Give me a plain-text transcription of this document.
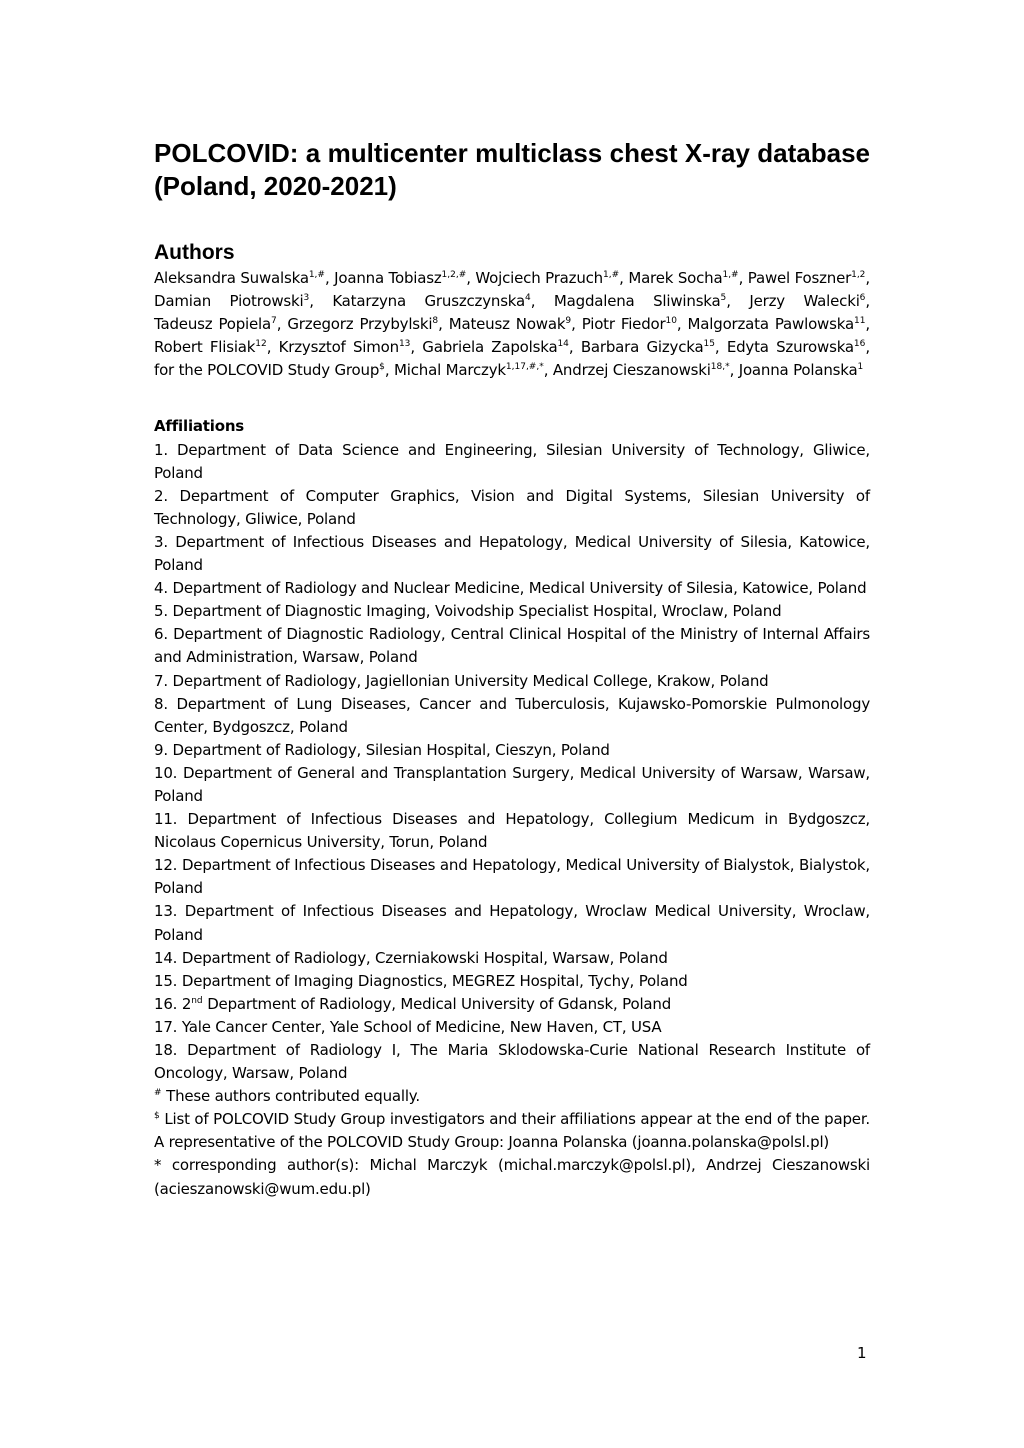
POLCOVID: a multicenter multiclass chest X-ray database (Poland, 2020-2021)
Authors

Aleksandra Suwalska$^{1,\#}$, Joanna Tobiasz$^{1,2,\#}$, Wojciech Prazuch$^{1,\#}$, Marek Socha$^{1,\#}$, Pawel Foszner$^{1,2}$, Damian Piotrowski$^3$, Katarzyna Gruszczynska$^4$, Magdalena Sliwinska$^5$, Jerzy Walecki$^6$, Tadeusz Popiela$^7$, Grzegorz Przybylski$^8$, Mateusz Nowak$^9$, Piotr Fiedor$^{10}$, Malgorzata Pawlowska$^{11}$, Robert Flisiak$^{12}$, Krzysztof Simon$^{13}$, Gabriela Zapolska$^{14}$, Barbara Gizycka$^{15}$, Edyta Szurowska$^{16}$, for the POLCOVID Study Group$, Michal Marczyk$^{1,17,\#,*}$, Andrzej Cieszanowski$^{18,*}$, Joanna Polanska$^1$

Affiliations
1. Department of Data Science and Engineering, Silesian University of Technology, Gliwice, Poland
2. Department of Computer Graphics, Vision and Digital Systems, Silesian University of Technology, Gliwice, Poland
3. Department of Infectious Diseases and Hepatology, Medical University of Silesia, Katowice, Poland
4. Department of Radiology and Nuclear Medicine, Medical University of Silesia, Katowice, Poland
5. Department of Diagnostic Imaging, Voivodship Specialist Hospital, Wroclaw, Poland
6. Department of Diagnostic Radiology, Central Clinical Hospital of the Ministry of Internal Affairs and Administration, Warsaw, Poland
7. Department of Radiology, Jagiellonian University Medical College, Krakow, Poland
8. Department of Lung Diseases, Cancer and Tuberculosis, Kujawsko-Pomorskie Pulmonology Center, Bydgoszcz, Poland
9. Department of Radiology, Silesian Hospital, Cieszyn, Poland
10. Department of General and Transplantation Surgery, Medical University of Warsaw, Warsaw, Poland
11. Department of Infectious Diseases and Hepatology, Collegium Medicum in Bydgoszcz, Nicolaus Copernicus University, Torun, Poland
12. Department of Infectious Diseases and Hepatology, Medical University of Bialystok, Bialystok, Poland
13. Department of Infectious Diseases and Hepatology, Wroclaw Medical University, Wroclaw, Poland
14. Department of Radiology, Czerniakowski Hospital, Warsaw, Poland
15. Department of Imaging Diagnostics, MEGREZ Hospital, Tychy, Poland
16. 2nd Department of Radiology, Medical University of Gdansk, Poland
17. Yale Cancer Center, Yale School of Medicine, New Haven, CT, USA
18. Department of Radiology I, The Maria Sklodowska-Curie National Research Institute of Oncology, Warsaw, Poland
# These authors contributed equally.
$ List of POLCOVID Study Group investigators and their affiliations appear at the end of the paper. A representative of the POLCOVID Study Group: Joanna Polanska (joanna.polanska@polsl.pl)
* corresponding author(s): Michal Marczyk (michal.marczyk@polsl.pl), Andrzej Cieszanowski (acieszanowski@wum.edu.pl)
1
